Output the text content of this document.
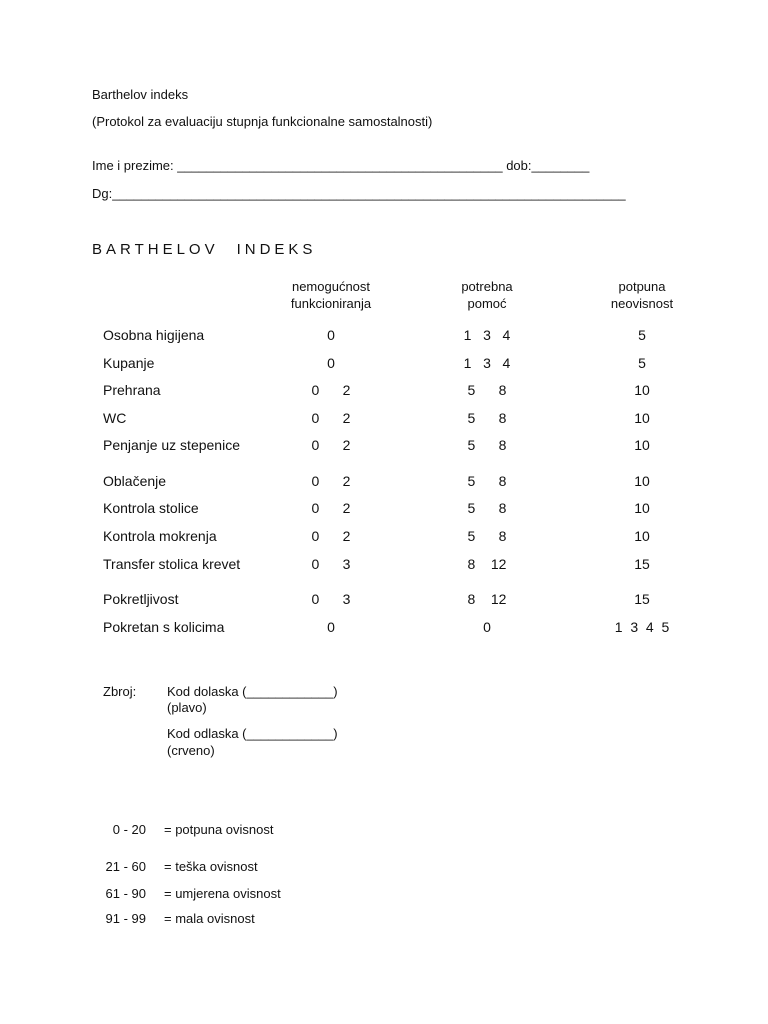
Barthelov indeks
(Protokol za evaluaciju stupnja funkcionalne samostalnosti)
Ime i prezime: _____________________________________________ dob:________
Dg:_______________________________________________________________________
BARTHELOV INDEKS
nemogućnost
funkcioniranja
potrebna
pomoć
potpuna
neovisnost
Osobna higijena	0	1   3   4	5
Kupanje	0	1   3   4	5
Prehrana	0      2	5      8	10
WC	0      2	5      8	10
Penjanje uz stepenice	0      2	5      8	10
Oblačenje	0      2	5      8	10
Kontrola stolice	0      2	5      8	10
Kontrola mokrenja	0      2	5      8	10
Transfer stolica krevet	0      3	8    12	15
Pokretljivost	0      3	8    12	15
Pokretan s kolicima	0	0	1  3  4  5
Zbroj: Kod dolaska (____________)
(plavo)
Kod odlaska (____________)
(crveno)
0 - 20 = potpuna ovisnost
21 - 60 = teška ovisnost
61 - 90 = umjerena ovisnost
91 - 99 = mala ovisnost
